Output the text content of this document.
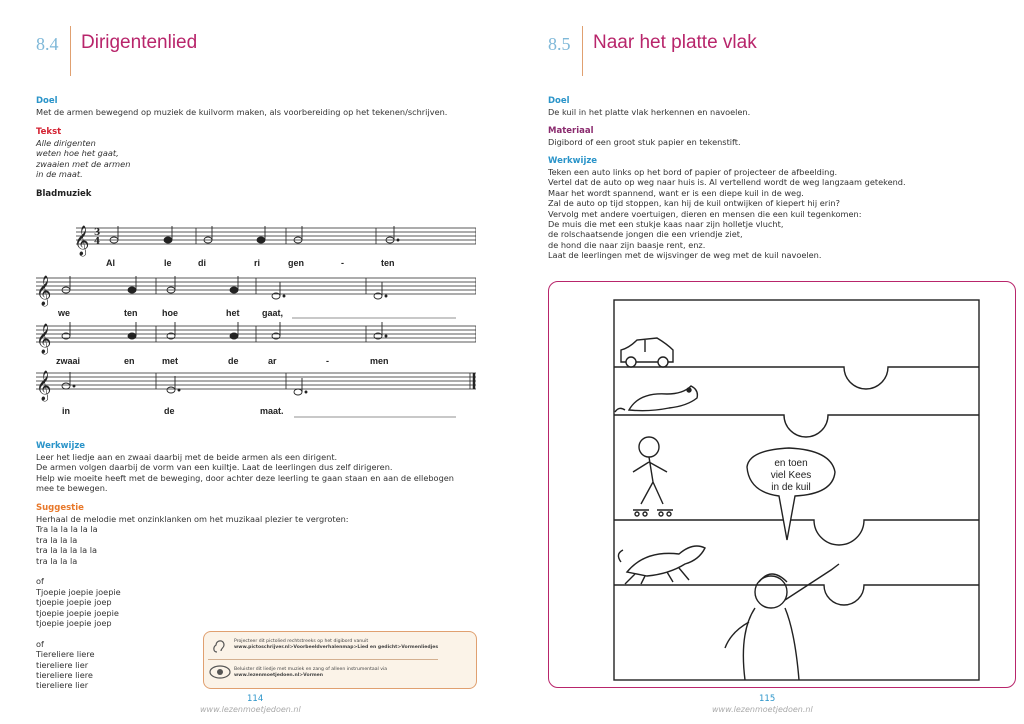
8.4 Dirigentenlied
Doel
Met de armen bewegend op muziek de kuilvorm maken, als voorbereiding op het tekenen/schrijven.
Tekst
Alle dirigenten
weten hoe het gaat,
zwaaien met de armen
in de maat.
Bladmuziek
𝄞
𝄞
𝄞
𝄞
3
4
Al	le	di	ri	gen	-	ten
we	ten	hoe	het	gaat,
zwaai	en	met	de	ar	-	men
in	de	maat.
Werkwijze
Leer het liedje aan en zwaai daarbij met de beide armen als een dirigent.
De armen volgen daarbij de vorm van een kuiltje. Laat de leerlingen dus zelf dirigeren.
Help wie moeite heeft met de beweging, door achter deze leerling te gaan staan en aan de ellebogen
mee te bewegen.
Suggestie
Herhaal de melodie met onzinklanken om het muzikaal plezier te vergroten:
Tra la la la la la
tra la la la
tra la la la la la
tra la la la
of
Tjoepie joepie joepie
tjoepie joepie joep
tjoepie joepie joepie
tjoepie joepie joep
of
Tiereliere liere
tiereliere lier
tiereliere liere
tiereliere lier
Projecteer dit pictolied rechtstreeks op het digibord vanuit
www.pictoschrijver.nl>Voorbeeldverhalenmap>Lied en gedicht>Vormenliedjes
Beluister dit liedje met muziek en zang of alleen instrumentaal via
www.lezenmoetjedoen.nl>Vormen
114
www.lezenmoetjedoen.nl
8.5 Naar het platte vlak
Doel
De kuil in het platte vlak herkennen en navoelen.
Materiaal
Digibord of een groot stuk papier en tekenstift.
Werkwijze
Teken een auto links op het bord of papier of projecteer de afbeelding.
Vertel dat de auto op weg naar huis is. Al vertellend wordt de weg langzaam getekend.
Maar het wordt spannend, want er is een diepe kuil in de weg.
Zal de auto op tijd stoppen, kan hij de kuil ontwijken of kiepert hij erin?
Vervolg met andere voertuigen, dieren en mensen die een kuil tegenkomen:
De muis die met een stukje kaas naar zijn holletje vlucht,
de rolschaatsende jongen die een vriendje ziet,
de hond die naar zijn baasje rent, enz.
Laat de leerlingen met de wijsvinger de weg met de kuil navoelen.
115
www.lezenmoetjedoen.nl
en toen
viel Kees
in de kuil
